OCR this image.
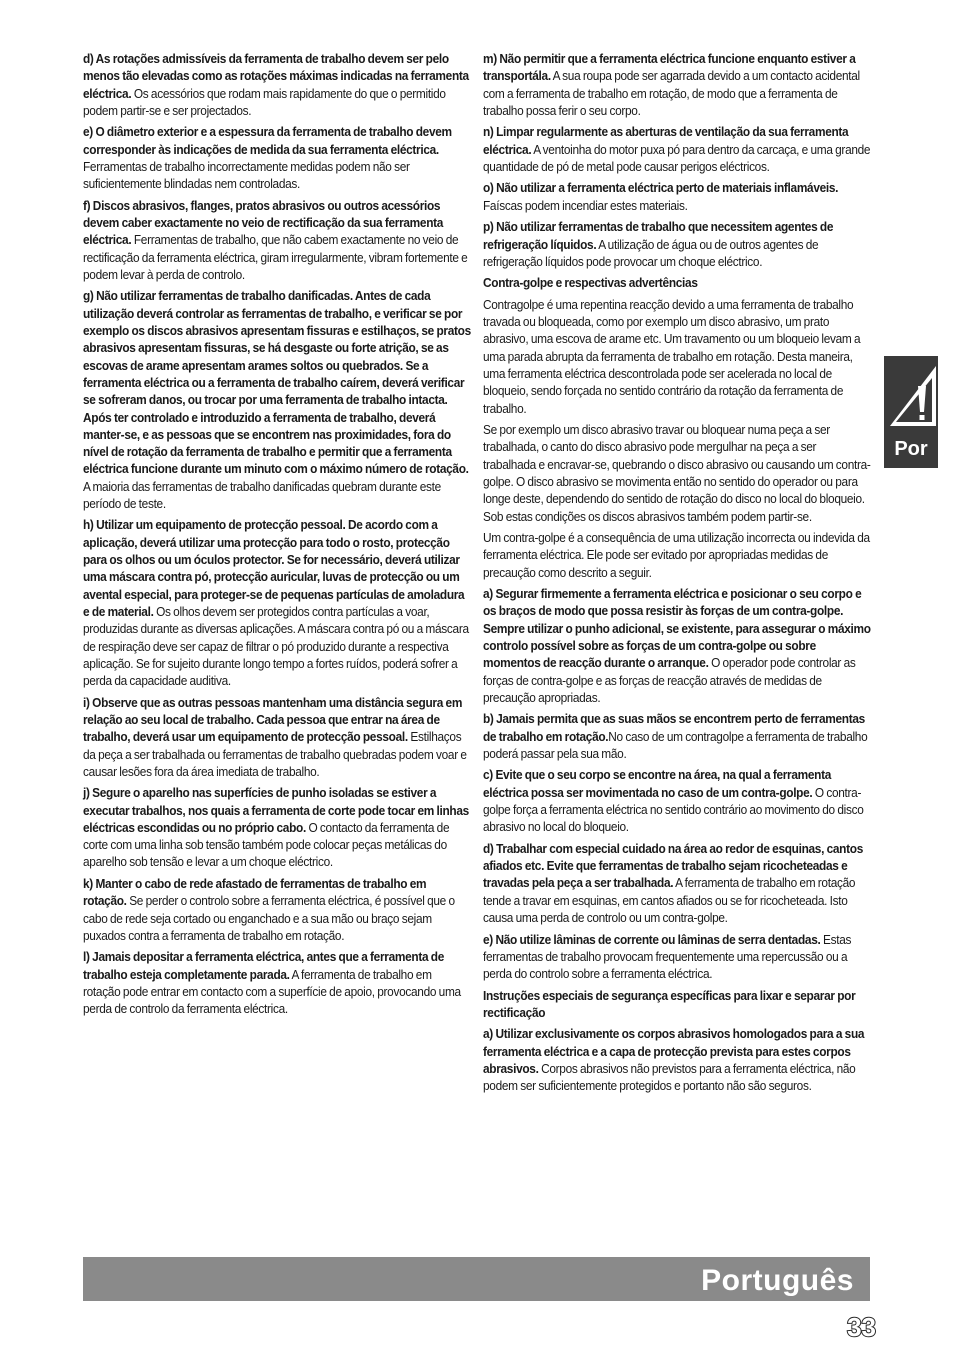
d) As rotações admissíveis da ferramenta de trabalho devem ser pelo menos tão elevadas como as rotações máximas indicadas na ferramenta eléctrica. Os acessórios que rodam mais rapidamente do que o permitido podem partir-se e ser projectados.

e) O diâmetro exterior e a espessura da ferramenta de trabalho devem corresponder às indicações de medida da sua ferramenta eléctrica. Ferramentas de trabalho incorrectamente medidas podem não ser suficientemente blindadas nem controladas.

f) Discos abrasivos, flanges, pratos abrasivos ou outros acessórios devem caber exactamente no veio de rectificação da sua ferramenta eléctrica. Ferramentas de trabalho, que não cabem exactamente no veio de rectificação da ferramenta eléctrica, giram irregularmente, vibram fortemente e podem levar à perda de controlo.

g) Não utilizar ferramentas de trabalho danificadas. Antes de cada utilização deverá controlar as ferramentas de trabalho, e verificar se por exemplo os discos abrasivos apresentam fissuras e estilhaços, se pratos abrasivos apresentam fissuras, se há desgaste ou forte atrição, se as escovas de arame apresentam arames soltos ou quebrados. Se a ferramenta eléctrica ou a ferramenta de trabalho caírem, deverá verificar se sofreram danos, ou trocar por uma ferramenta de trabalho intacta. Após ter controlado e introduzido a ferramenta de trabalho, deverá manter-se, e as pessoas que se encontrem nas proximidades, fora do nível de rotação da ferramenta de trabalho e permitir que a ferramenta eléctrica funcione durante um minuto com o máximo número de rotação. A maioria das ferramentas de trabalho danificadas quebram durante este período de teste.

h) Utilizar um equipamento de protecção pessoal. De acordo com a aplicação, deverá utilizar uma protecção para todo o rosto, protecção para os olhos ou um óculos protector. Se for necessário, deverá utilizar uma máscara contra pó, protecção auricular, luvas de protecção ou um avental especial, para proteger-se de pequenas partículas de amoladura e de material. Os olhos devem ser protegidos contra partículas a voar, produzidas durante as diversas aplicações. A máscara contra pó ou a máscara de respiração deve ser capaz de filtrar o pó produzido durante a respectiva aplicação. Se for sujeito durante longo tempo a fortes ruídos, poderá sofrer a perda da capacidade auditiva.

i) Observe que as outras pessoas mantenham uma distância segura em relação ao seu local de trabalho. Cada pessoa que entrar na área de trabalho, deverá usar um equipamento de protecção pessoal. Estilhaços da peça a ser trabalhada ou ferramentas de trabalho quebradas podem voar e causar lesões fora da área imediata de trabalho.

j) Segure o aparelho nas superfícies de punho isoladas se estiver a executar trabalhos, nos quais a ferramenta de corte pode tocar em linhas eléctricas escondidas ou no próprio cabo. O contacto da ferramenta de corte com uma linha sob tensão também pode colocar peças metálicas do aparelho sob tensão e levar a um choque eléctrico.

k) Manter o cabo de rede afastado de ferramentas de trabalho em rotação. Se perder o controlo sobre a ferramenta eléctrica, é possível que o cabo de rede seja cortado ou enganchado e a sua mão ou braço sejam puxados contra a ferramenta de trabalho em rotação.

l) Jamais depositar a ferramenta eléctrica, antes que a ferramenta de trabalho esteja completamente parada. A ferramenta de trabalho em rotação pode entrar em contacto com a superfície de apoio, provocando uma perda de controlo da ferramenta eléctrica.

m) Não permitir que a ferramenta eléctrica funcione enquanto estiver a transportála. A sua roupa pode ser agarrada devido a um contacto acidental com a ferramenta de trabalho em rotação, de modo que a ferramenta de trabalho possa ferir o seu corpo.

n) Limpar regularmente as aberturas de ventilação da sua ferramenta eléctrica. A ventoinha do motor puxa pó para dentro da carcaça, e uma grande quantidade de pó de metal pode causar perigos eléctricos.

o) Não utilizar a ferramenta eléctrica perto de materiais inflamáveis. Faíscas podem incendiar estes materiais.

p) Não utilizar ferramentas de trabalho que necessitem agentes de refrigeração líquidos. A utilização de água ou de outros agentes de refrigeração líquidos pode provocar um choque eléctrico.

Contra-golpe e respectivas advertências

Contragolpe é uma repentina reacção devido a uma ferramenta de trabalho travada ou bloqueada, como por exemplo um disco abrasivo, um prato abrasivo, uma escova de arame etc. Um travamento ou um bloqueio levam a uma parada abrupta da ferramenta de trabalho em rotação. Desta maneira, uma ferramenta eléctrica descontrolada pode ser acelerada no local de bloqueio, sendo forçada no sentido contrário da rotação da ferramenta de trabalho.

Se por exemplo um disco abrasivo travar ou bloquear numa peça a ser trabalhada, o canto do disco abrasivo pode mergulhar na peça a ser trabalhada e encravar-se, quebrando o disco abrasivo ou causando um contra-golpe. O disco abrasivo se movimenta então no sentido do operador ou para longe deste, dependendo do sentido de rotação do disco no local do bloqueio. Sob estas condições os discos abrasivos também podem partir-se.

Um contra-golpe é a consequência de uma utilização incorrecta ou indevida da ferramenta eléctrica. Ele pode ser evitado por apropriadas medidas de precaução como descrito a seguir.

a) Segurar firmemente a ferramenta eléctrica e posicionar o seu corpo e os braços de modo que possa resistir às forças de um contra-golpe. Sempre utilizar o punho adicional, se existente, para assegurar o máximo controlo possível sobre as forças de um contra-golpe ou sobre momentos de reacção durante o arranque. O operador pode controlar as forças de contra-golpe e as forças de reacção através de medidas de precaução apropriadas.

b) Jamais permita que as suas mãos se encontrem perto de ferramentas de trabalho em rotação.No caso de um contragolpe a ferramenta de trabalho poderá passar pela sua mão.

c) Evite que o seu corpo se encontre na área, na qual a ferramenta eléctrica possa ser movimentada no caso de um contra-golpe. O contra-golpe força a ferramenta eléctrica no sentido contrário ao movimento do disco abrasivo no local do bloqueio.

d) Trabalhar com especial cuidado na área ao redor de esquinas, cantos afiados etc. Evite que ferramentas de trabalho sejam ricocheteadas e travadas pela peça a ser trabalhada. A ferramenta de trabalho em rotação tende a travar em esquinas, em cantos afiados ou se for ricocheteada. Isto causa uma perda de controlo ou um contra-golpe.

e) Não utilize lâminas de corrente ou lâminas de serra dentadas. Estas ferramentas de trabalho provocam frequentemente uma repercussão ou a perda do controlo sobre a ferramenta eléctrica.

Instruções especiais de segurança específicas para lixar e separar por rectificação

a) Utilizar exclusivamente os corpos abrasivos homologados para a sua ferramenta eléctrica e a capa de protecção prevista para estes corpos abrasivos. Corpos abrasivos não previstos para a ferramenta eléctrica, não podem ser suficientemente protegidos e portanto não são seguros.

Por
Português
33
